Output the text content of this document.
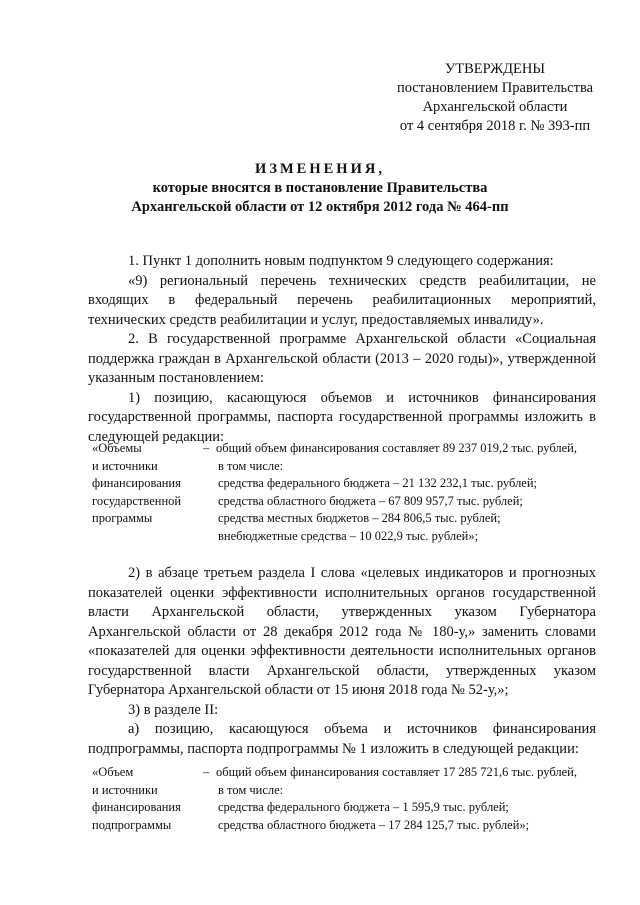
УТВЕРЖДЕНЫ
постановлением Правительства
Архангельской области
от 4 сентября 2018 г. № 393-пп
ИЗМЕНЕНИЯ,
которые вносятся в постановление Правительства
Архангельской области от 12 октября 2012 года № 464-пп

1. Пункт 1 дополнить новым подпунктом 9 следующего содержания:

«9) региональный перечень технических средств реабилитации, не входящих в федеральный перечень реабилитационных мероприятий, технических средств реабилитации и услуг, предоставляемых инвалиду».

2. В государственной программе Архангельской области «Социальная поддержка граждан в Архангельской области (2013 – 2020 годы)», утвержденной указанным постановлением:

1) позицию, касающуюся объемов и источников финансирования государственной программы, паспорта государственной программы изложить в следующей редакции:

«Объемы
и источники
финансирования
государственной
программы
– общий объем финансирования составляет 89 237 019,2 тыс. рублей,
в том числе:
средства федерального бюджета – 21 132 232,1 тыс. рублей;
средства областного бюджета – 67 809 957,7 тыс. рублей;
средства местных бюджетов – 284 806,5 тыс. рублей;
внебюджетные средства – 10 022,9 тыс. рублей»;

2) в абзаце третьем раздела I слова «целевых индикаторов и прогнозных показателей оценки эффективности исполнительных органов государственной власти Архангельской области, утвержденных указом Губернатора Архангельской области от 28 декабря 2012 года № 180-у,» заменить словами «показателей для оценки эффективности деятельности исполнительных органов государственной власти Архангельской области, утвержденных указом Губернатора Архангельской области от 15 июня 2018 года № 52-у,»;

3) в разделе II:

а) позицию, касающуюся объема и источников финансирования подпрограммы, паспорта подпрограммы № 1 изложить в следующей редакции:

«Объем
и источники
финансирования
подпрограммы
– общий объем финансирования составляет 17 285 721,6 тыс. рублей,
в том числе:
средства федерального бюджета – 1 595,9 тыс. рублей;
средства областного бюджета – 17 284 125,7 тыс. рублей»;
